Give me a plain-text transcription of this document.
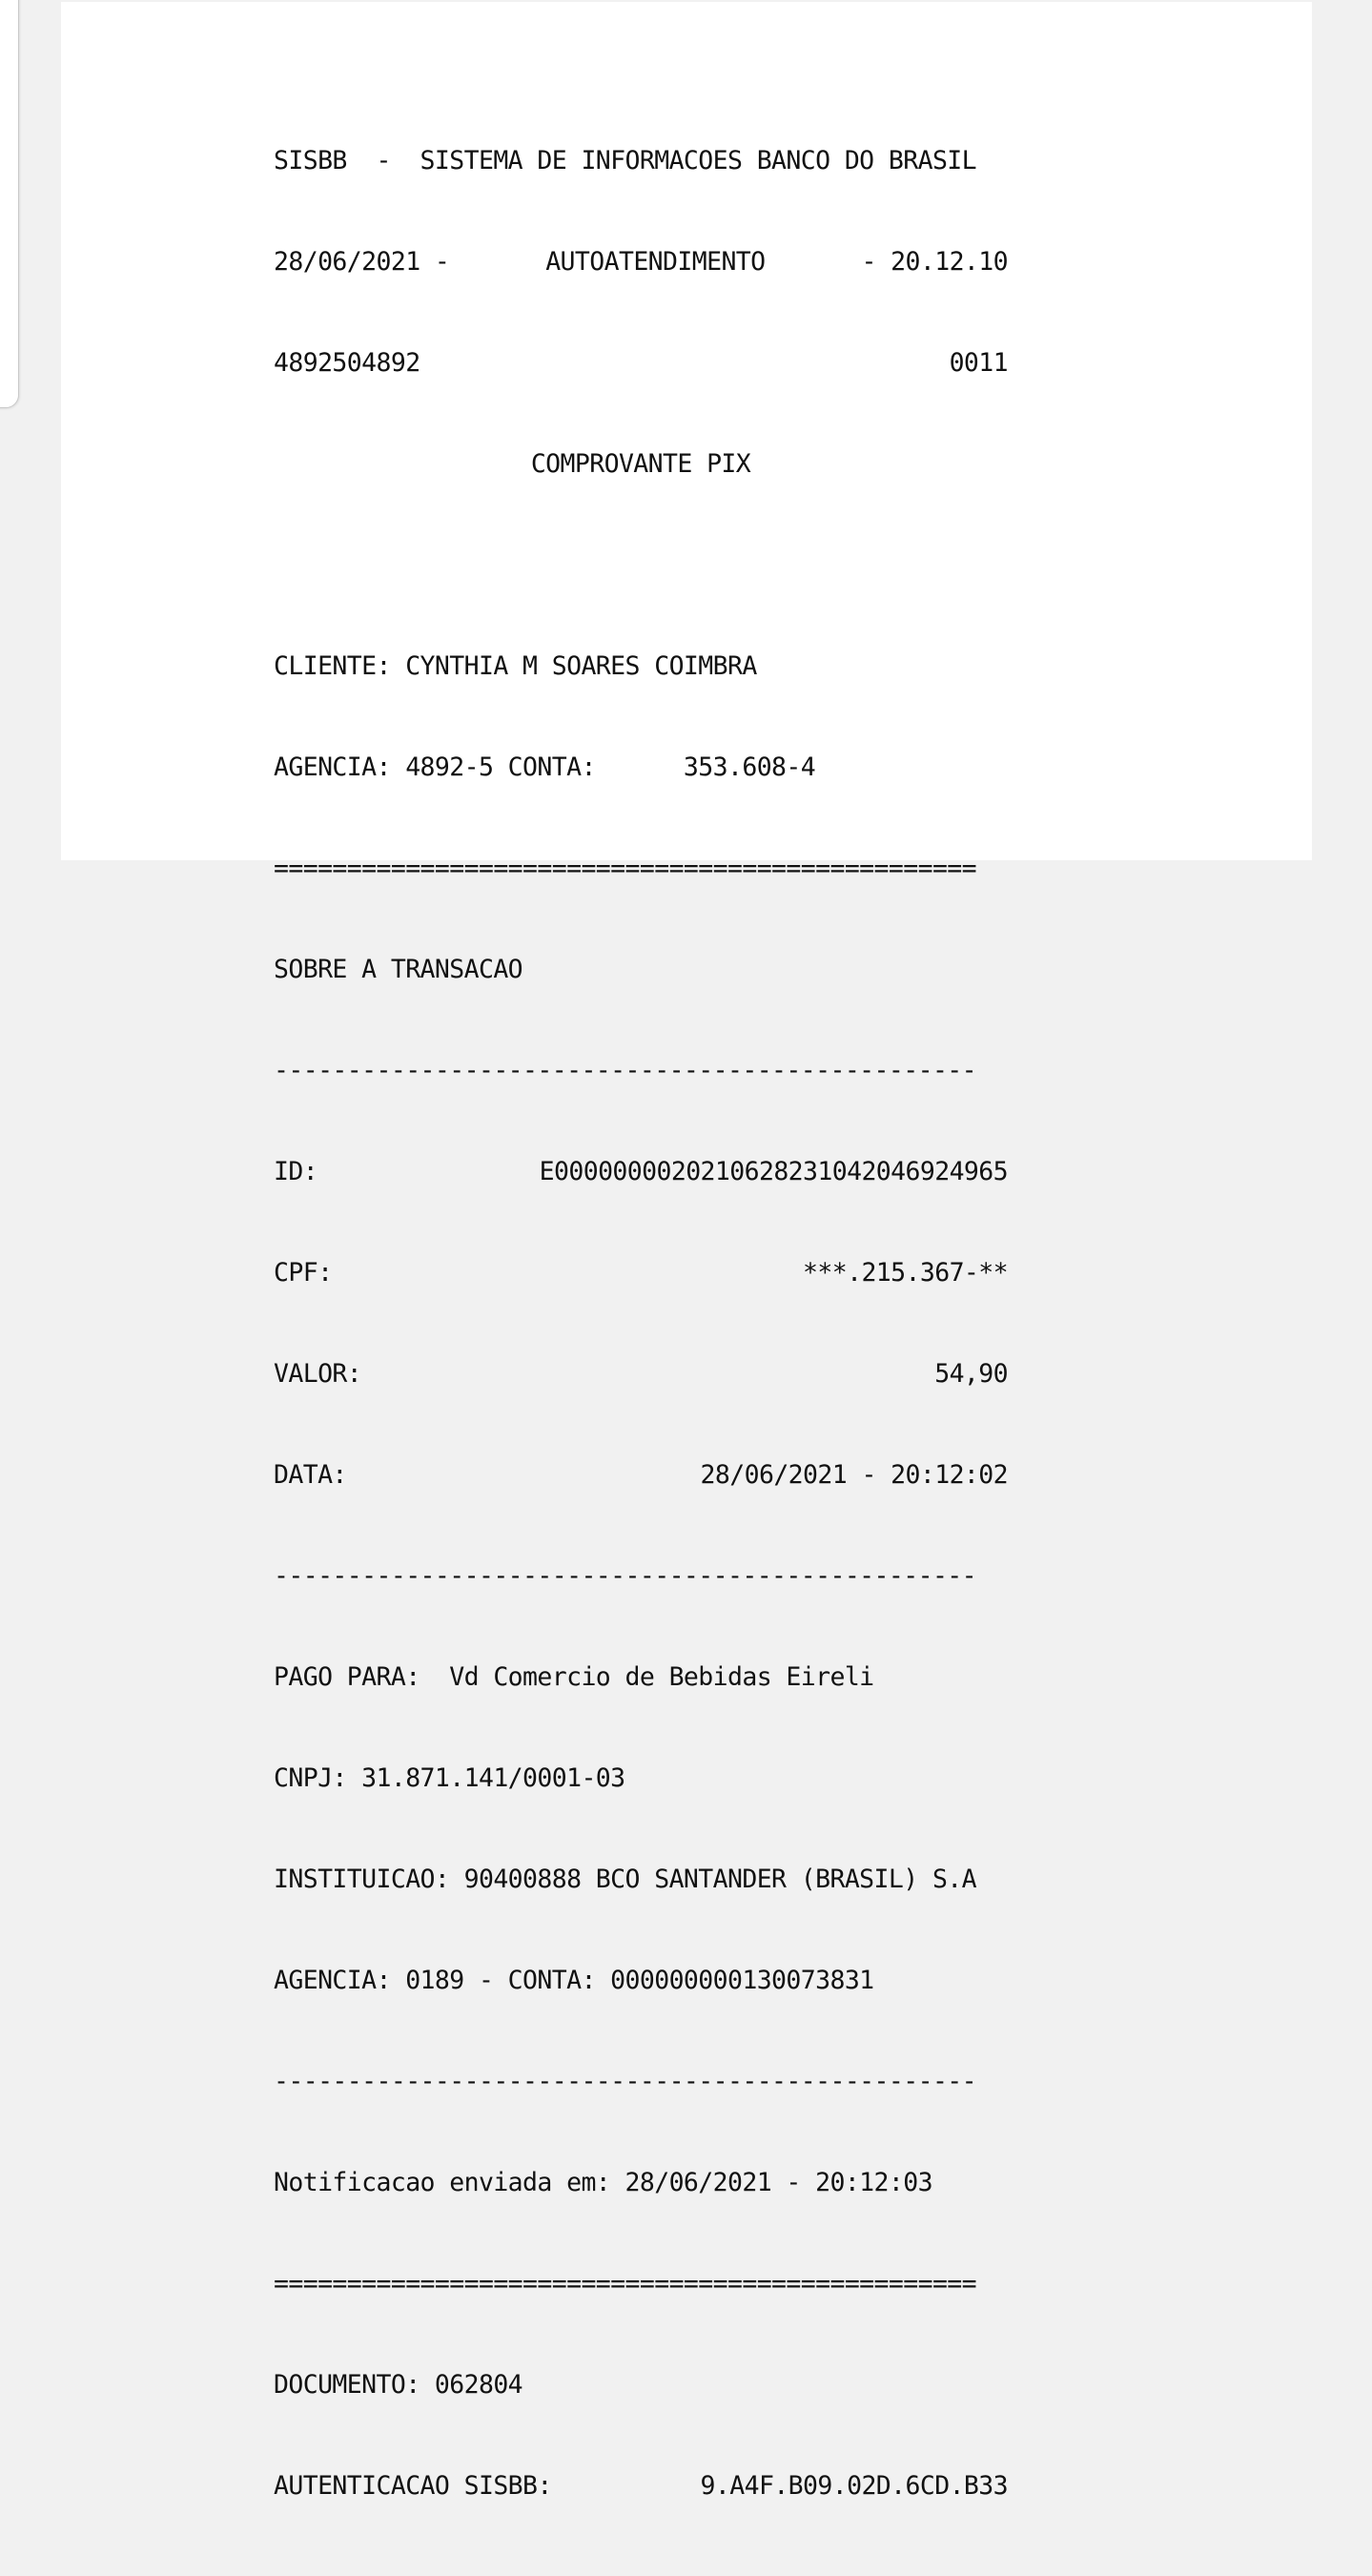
SISBB  -  SISTEMA DE INFORMACOES BANCO DO BRASIL

28/06/2021 -	AUTOATENDIMENTO	- 20.12.10

4892504892	0011

COMPROVANTE PIX

CLIENTE: CYNTHIA M SOARES COIMBRA

AGENCIA: 4892-5 CONTA:      353.608-4

================================================

SOBRE A TRANSACAO

------------------------------------------------

ID:	E0000000020210628231042046924965

CPF:	***.215.367-**

VALOR:	54,90

DATA:	28/06/2021 - 20:12:02

------------------------------------------------

PAGO PARA:  Vd Comercio de Bebidas Eireli

CNPJ: 31.871.141/0001-03

INSTITUICAO: 90400888 BCO SANTANDER (BRASIL) S.A

AGENCIA: 0189 - CONTA: 000000000130073831

------------------------------------------------

Notificacao enviada em: 28/06/2021 - 20:12:03

================================================

DOCUMENTO: 062804

AUTENTICACAO SISBB:	9.A4F.B09.02D.6CD.B33
